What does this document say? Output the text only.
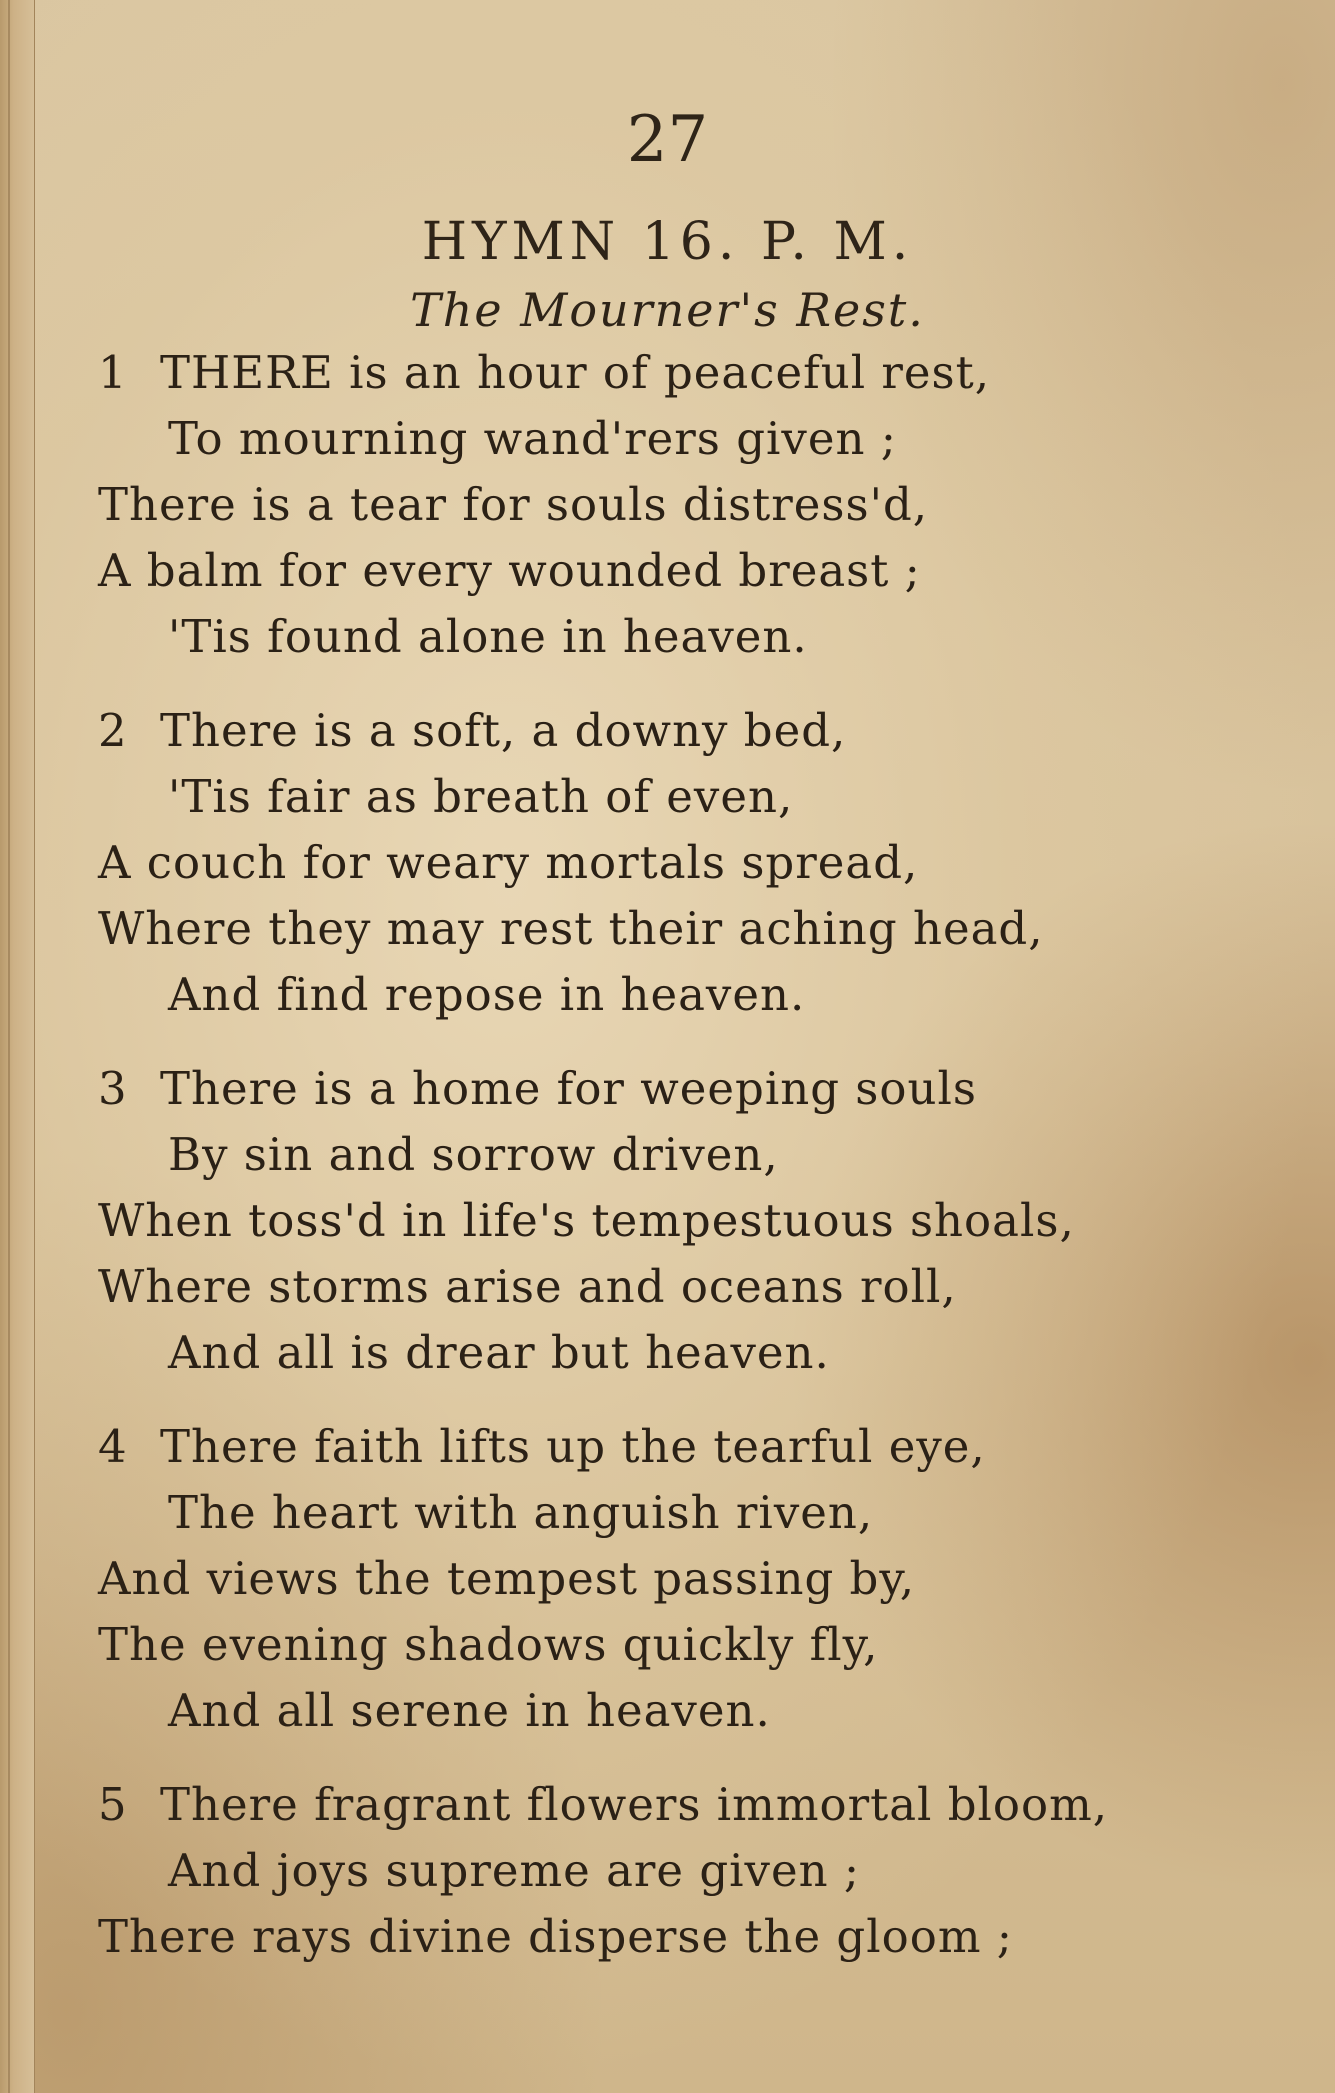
27
HYMN 16. P. M.
The Mourner's Rest.
1 THERE is an hour of peaceful rest,
To mourning wand'rers given ;
There is a tear for souls distress'd,
A balm for every wounded breast ;
'Tis found alone in heaven.
2 There is a soft, a downy bed,
'Tis fair as breath of even,
A couch for weary mortals spread,
Where they may rest their aching head,
And find repose in heaven.
3 There is a home for weeping souls
By sin and sorrow driven,
When toss'd in life's tempestuous shoals,
Where storms arise and oceans roll,
And all is drear but heaven.
4 There faith lifts up the tearful eye,
The heart with anguish riven,
And views the tempest passing by,
The evening shadows quickly fly,
And all serene in heaven.
5 There fragrant flowers immortal bloom,
And joys supreme are given ;
There rays divine disperse the gloom ;
